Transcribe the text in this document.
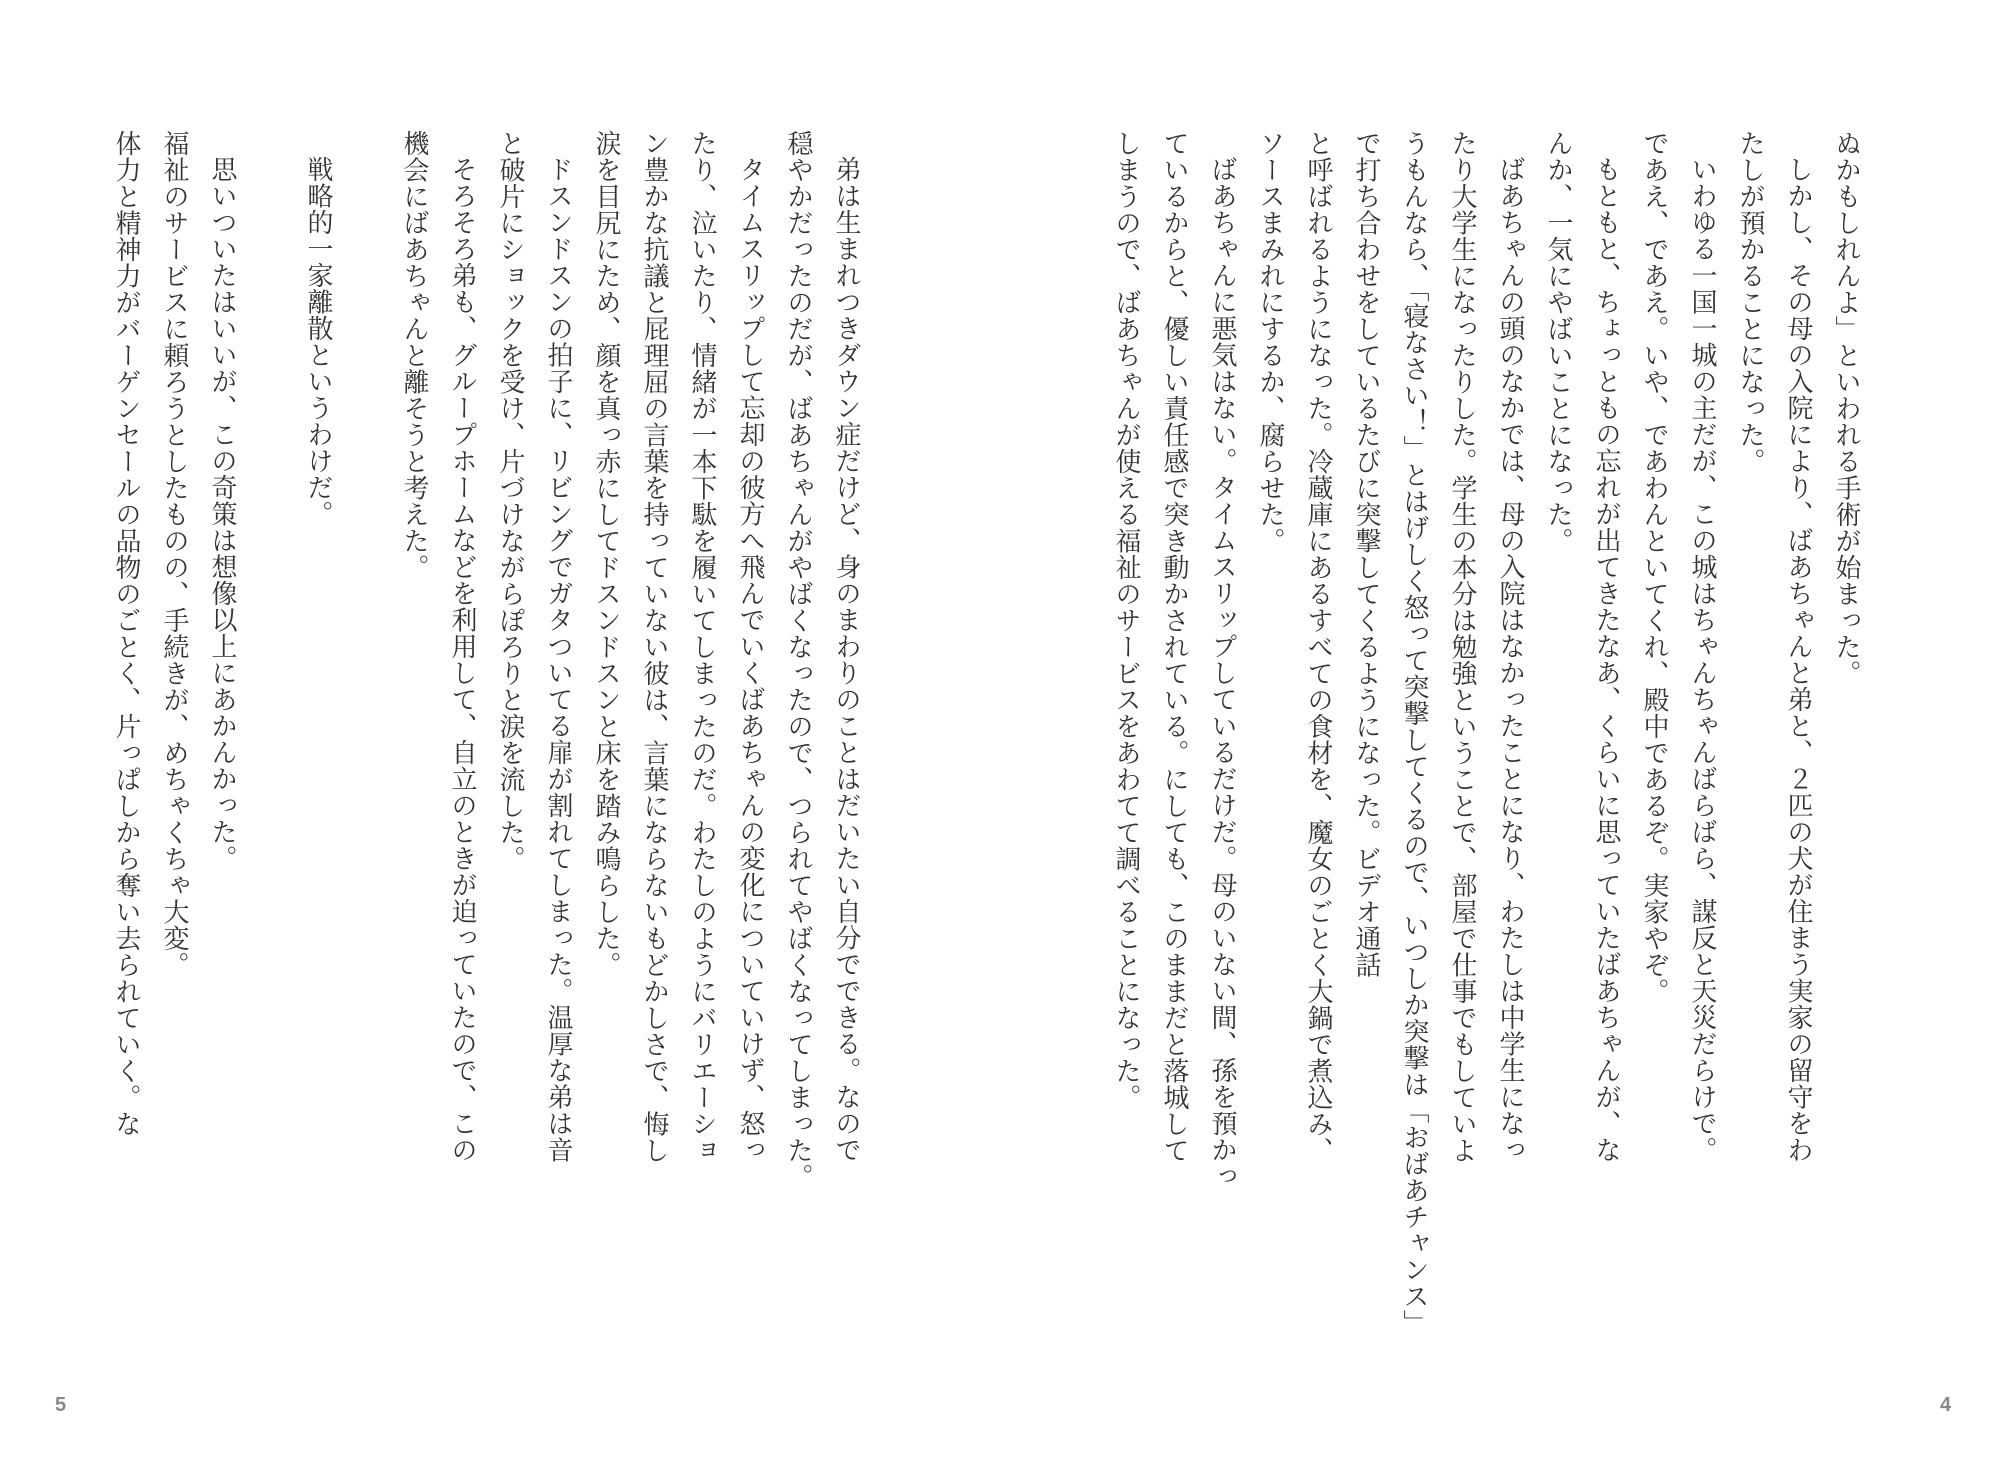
ぬかもしれんよ」といわれる手術が始まった。
しかし、その母の入院により、ばあちゃんと弟と、２匹の犬が住まう実家の留守をわ
たしが預かることになった。
いわゆる一国一城の主だが、この城はちゃんちゃんばらばら、謀反と天災だらけで。
であえ、であえ。いや、であわんといてくれ、殿中であるぞ。実家やぞ。
もともと、ちょっともの忘れが出てきたなあ、くらいに思っていたばあちゃんが、な
んか、一気にやばいことになった。
ばあちゃんの頭のなかでは、母の入院はなかったことになり、わたしは中学生になっ
たり大学生になったりした。学生の本分は勉強ということで、部屋で仕事でもしていよ
うもんなら、「寝なさい！」とはげしく怒って突撃してくるので、いつしか突撃は「おばあチャンス」
で打ち合わせをしているたびに突撃してくるようになった。ビデオ通話
と呼ばれるようになった。冷蔵庫にあるすべての食材を、魔女のごとく大鍋で煮込み、
ソースまみれにするか、腐らせた。
ばあちゃんに悪気はない。タイムスリップしているだけだ。母のいない間、孫を預かっ
ているからと、優しい責任感で突き動かされている。にしても、このままだと落城して
しまうので、ばあちゃんが使える福祉のサービスをあわてて調べることになった。
4
弟は生まれつきダウン症だけど、身のまわりのことはだいたい自分でできる。なので
穏やかだったのだが、ばあちゃんがやばくなったので、つられてやばくなってしまった。
タイムスリップして忘却の彼方へ飛んでいくばあちゃんの変化についていけず、怒っ
たり、泣いたり、情緒が一本下駄を履いてしまったのだ。わたしのようにバリエーショ
ン豊かな抗議と屁理屈の言葉を持っていない彼は、言葉にならないもどかしさで、悔し
涙を目尻にため、顔を真っ赤にしてドスンドスンと床を踏み鳴らした。
ドスンドスンの拍子に、リビングでガタついてる扉が割れてしまった。温厚な弟は音
と破片にショックを受け、片づけながらぽろりと涙を流した。
そろそろ弟も、グループホームなどを利用して、自立のときが迫っていたので、この
機会にばあちゃんと離そうと考えた。
戦略的一家離散というわけだ。
思いついたはいいが、この奇策は想像以上にあかんかった。
福祉のサービスに頼ろうとしたものの、手続きが、めちゃくちゃ大変。
体力と精神力がバーゲンセールの品物のごとく、片っぱしから奪い去られていく。な
5
